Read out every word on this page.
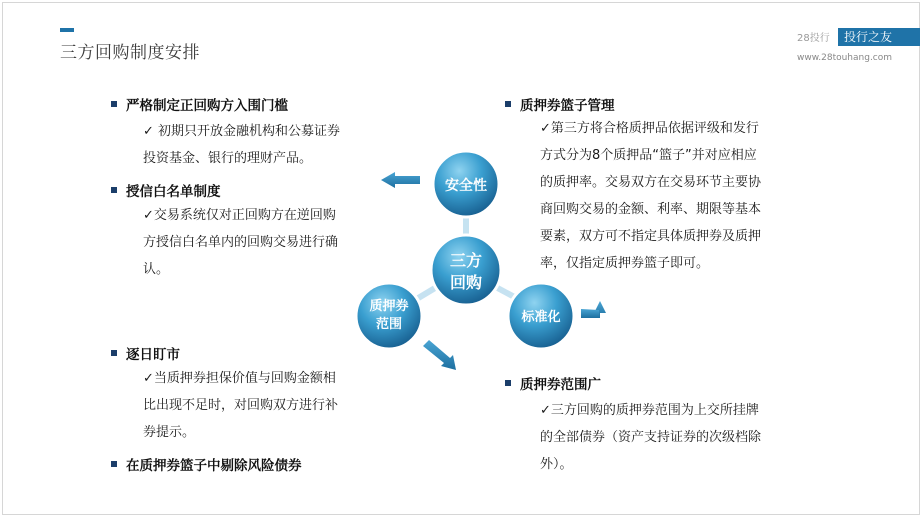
三方回购制度安排
28投行	投行之友
www.28touhang.com
安全性
三方
回购
质押券
范围	标准化
严格制定正回购方入围门槛
✓ 初期只开放金融机构和公募证券
投资基金、银行的理财产品。
授信白名单制度
✓交易系统仅对正回购方在逆回购
方授信白名单内的回购交易进行确
认。
逐日盯市
✓当质押券担保价值与回购金额相
比出现不足时，对回购双方进行补
券提示。
在质押券篮子中剔除风险债券
质押券篮子管理
✓第三方将合格质押品依据评级和发行
方式分为8个质押品“篮子”并对应相应
的质押率。交易双方在交易环节主要协
商回购交易的金额、利率、期限等基本
要素，双方可不指定具体质押券及质押
率，仅指定质押券篮子即可。
质押券范围广
✓三方回购的质押券范围为上交所挂牌
的全部债券（资产支持证券的次级档除
外）。
